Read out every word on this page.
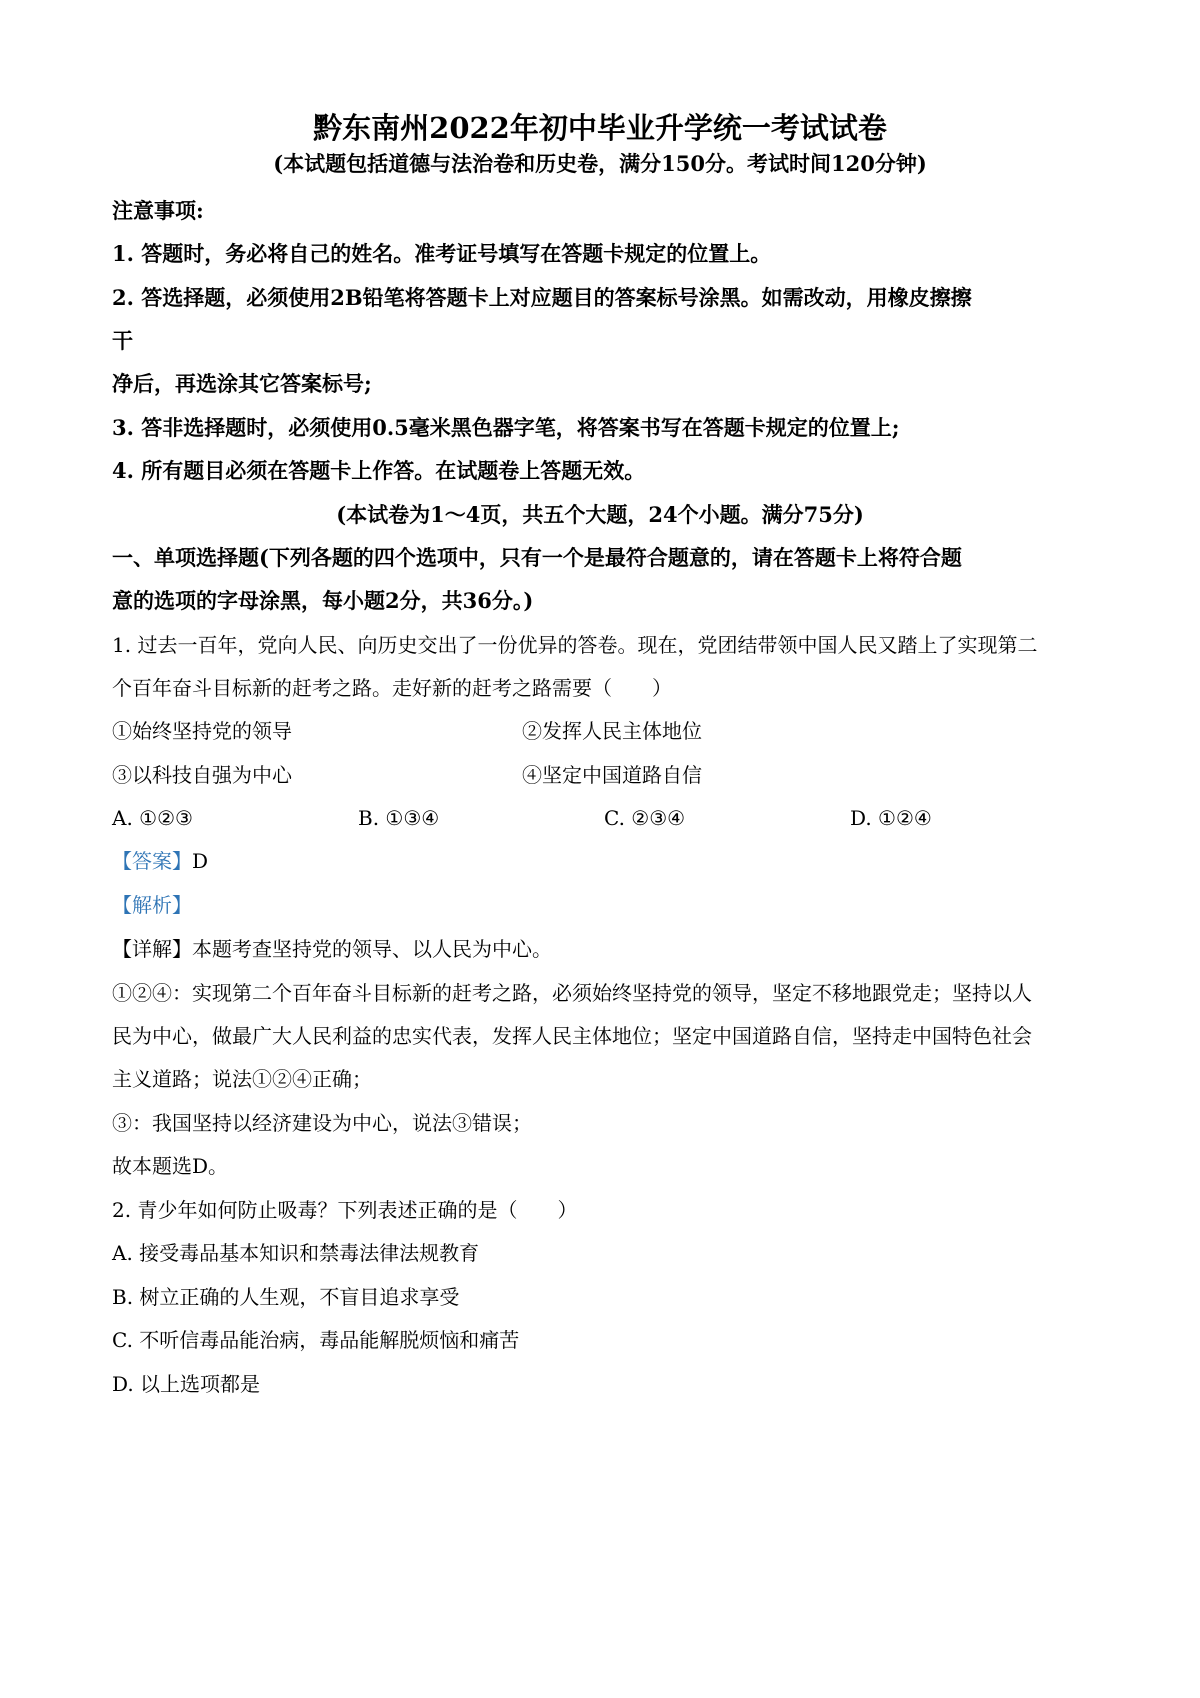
黔东南州2022年初中毕业升学统一考试试卷
(本试题包括道德与法治卷和历史卷，满分150分。考试时间120分钟)
注意事项:
1. 答题时，务必将自己的姓名。准考证号填写在答题卡规定的位置上。
2. 答选择题，必须使用2B铅笔将答题卡上对应题目的答案标号涂黑。如需改动，用橡皮擦擦
干
净后，再选涂其它答案标号;
3. 答非选择题时，必须使用0.5毫米黑色器字笔，将答案书写在答题卡规定的位置上;
4. 所有题目必须在答题卡上作答。在试题卷上答题无效。
(本试卷为1～4页，共五个大题，24个小题。满分75分)
一、单项选择题(下列各题的四个选项中，只有一个是最符合题意的，请在答题卡上将符合题
意的选项的字母涂黑，每小题2分，共36分。)
1. 过去一百年，党向人民、向历史交出了一份优异的答卷。现在，党团结带领中国人民又踏上了实现第二
个百年奋斗目标新的赶考之路。走好新的赶考之路需要（　　）
①始终坚持党的领导	②发挥人民主体地位
③以科技自强为中心	④坚定中国道路自信
A. ①②③	B. ①③④	C. ②③④	D. ①②④
【答案】D
【解析】
【详解】本题考查坚持党的领导、以人民为中心。
①②④：实现第二个百年奋斗目标新的赶考之路，必须始终坚持党的领导，坚定不移地跟党走；坚持以人
民为中心，做最广大人民利益的忠实代表，发挥人民主体地位；坚定中国道路自信，坚持走中国特色社会
主义道路；说法①②④正确；
③：我国坚持以经济建设为中心，说法③错误；
故本题选D。
2. 青少年如何防止吸毒？下列表述正确的是（　　）
A. 接受毒品基本知识和禁毒法律法规教育
B. 树立正确的人生观，不盲目追求享受
C. 不听信毒品能治病，毒品能解脱烦恼和痛苦
D. 以上选项都是
